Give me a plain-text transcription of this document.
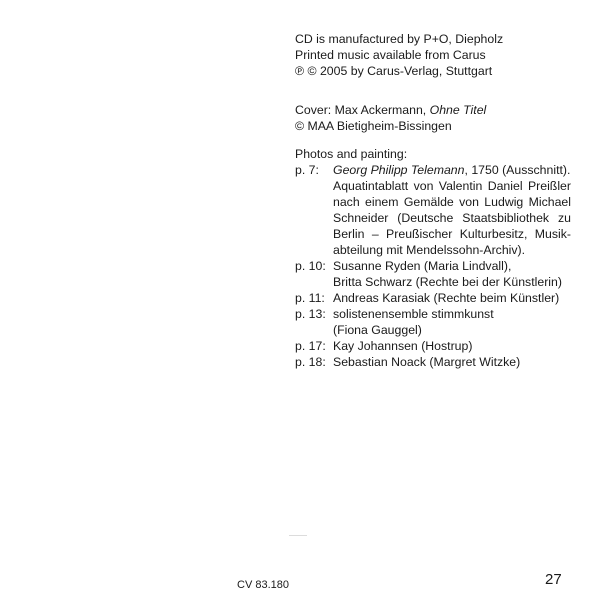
CD is manufactured by P+O, Diepholz
Printed music available from Carus
℗ © 2005 by Carus-Verlag, Stuttgart
Cover: Max Ackermann, Ohne Titel
© MAA Bietigheim-Bissingen
Photos and painting:
p. 7:	Georg Philipp Telemann, 1750 (Ausschnitt).
Aquatintablatt von Valentin Daniel Preißler
nach einem Gemälde von Ludwig Michael
Schneider (Deutsche Staatsbibliothek zu
Berlin – Preußischer Kulturbesitz, Musik-
abteilung mit Mendelssohn-Archiv).
p. 10: Susanne Ryden (Maria Lindvall),
Britta Schwarz (Rechte bei der Künstlerin)
p. 11: Andreas Karasiak (Rechte beim Künstler)
p. 13: solistenensemble stimmkunst
(Fiona Gauggel)
p. 17: Kay Johannsen (Hostrup)
p. 18: Sebastian Noack (Margret Witzke)
CV 83.180	27
